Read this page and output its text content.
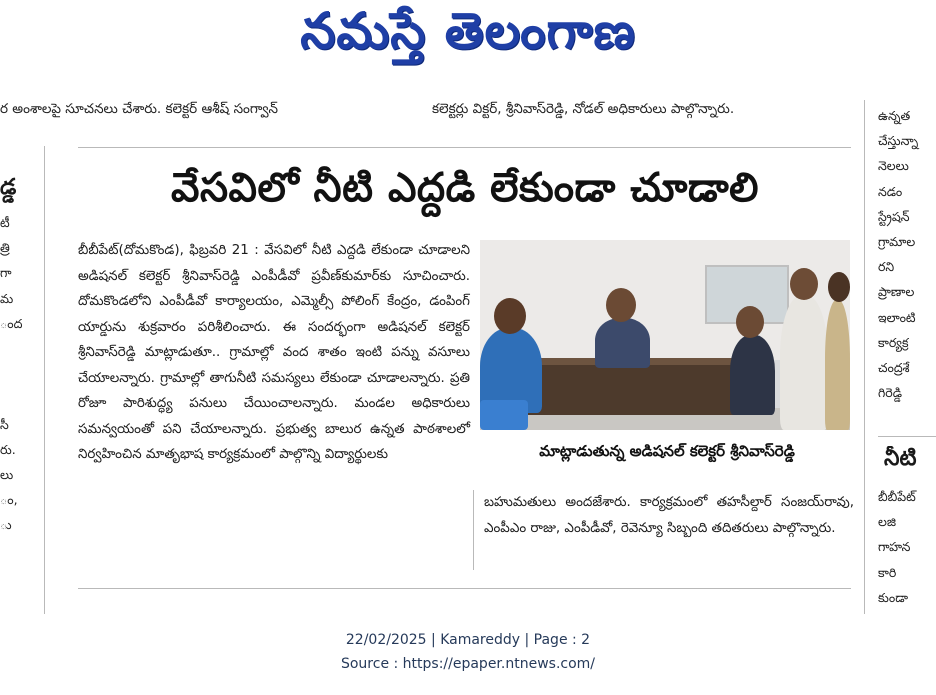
నమస్తే తెలంగాణ
ర అంశాలపై సూచనలు చేశారు. కలెక్టర్ ఆశీష్ సంగ్వాన్	కలెక్టర్లు విక్టర్, శ్రీనివాస్‌రెడ్డి, నోడల్ అధికారులు పాల్గొన్నారు.
డ్డ
టీ
త్రి
గా
మ
ంద

సీ
రు.
లు
ం,
ు
ఉన్నత
చేస్తున్నా
నెలలు
నడం
స్ట్రేషన్
గ్రామాల
రని
ప్రాణాల
ఇలాంటి
కార్యక్ర
చంద్రశే
గిరెడ్డి
నీటి
బీబీపేట్
లజి
గాహన
కారి
కుండా
వేసవిలో నీటి ఎద్దడి లేకుండా చూడాలి

బీబీపేట్(దోమకొండ), ఫిబ్రవరి 21 : వేసవిలో నీటి ఎద్దడి లేకుండా చూడాలని అడిషనల్ కలెక్టర్ శ్రీనివాస్‌రెడ్డి ఎంపీడీవో ప్రవీణ్‌కుమార్‌కు సూచించారు. దోమకొండలోని ఎంపీడీవో కార్యాలయం, ఎమ్మెల్సీ పోలింగ్ కేంద్రం, డంపింగ్ యార్డును శుక్రవారం పరిశీలించారు. ఈ సందర్భంగా అడిషనల్ కలెక్టర్ శ్రీనివాస్‌రెడ్డి మాట్లాడుతూ.. గ్రామాల్లో వంద శాతం ఇంటి పన్ను వసూలు చేయాలన్నారు. గ్రామాల్లో తాగునీటి సమస్యలు లేకుండా చూడాలన్నారు. ప్రతి రోజూ పారిశుద్ధ్య పనులు చేయించాలన్నారు. మండల అధికారులు సమన్వయంతో పని చేయాలన్నారు. ప్రభుత్వ బాలుర ఉన్నత పాఠశాలలో నిర్వహించిన మాతృభాష కార్యక్రమంలో పాల్గొన్ని విద్యార్థులకు	మాట్లాడుతున్న అడిషనల్ కలెక్టర్ శ్రీనివాస్‌రెడ్డి

బహుమతులు అందజేశారు. కార్యక్రమంలో తహసీల్దార్ సంజయ్‌రావు, ఎంపీఎం రాజు, ఎంపీడీవో, రెవెన్యూ సిబ్బంది తదితరులు పాల్గొన్నారు.

22/02/2025 | Kamareddy | Page : 2
Source : https://epaper.ntnews.com/
